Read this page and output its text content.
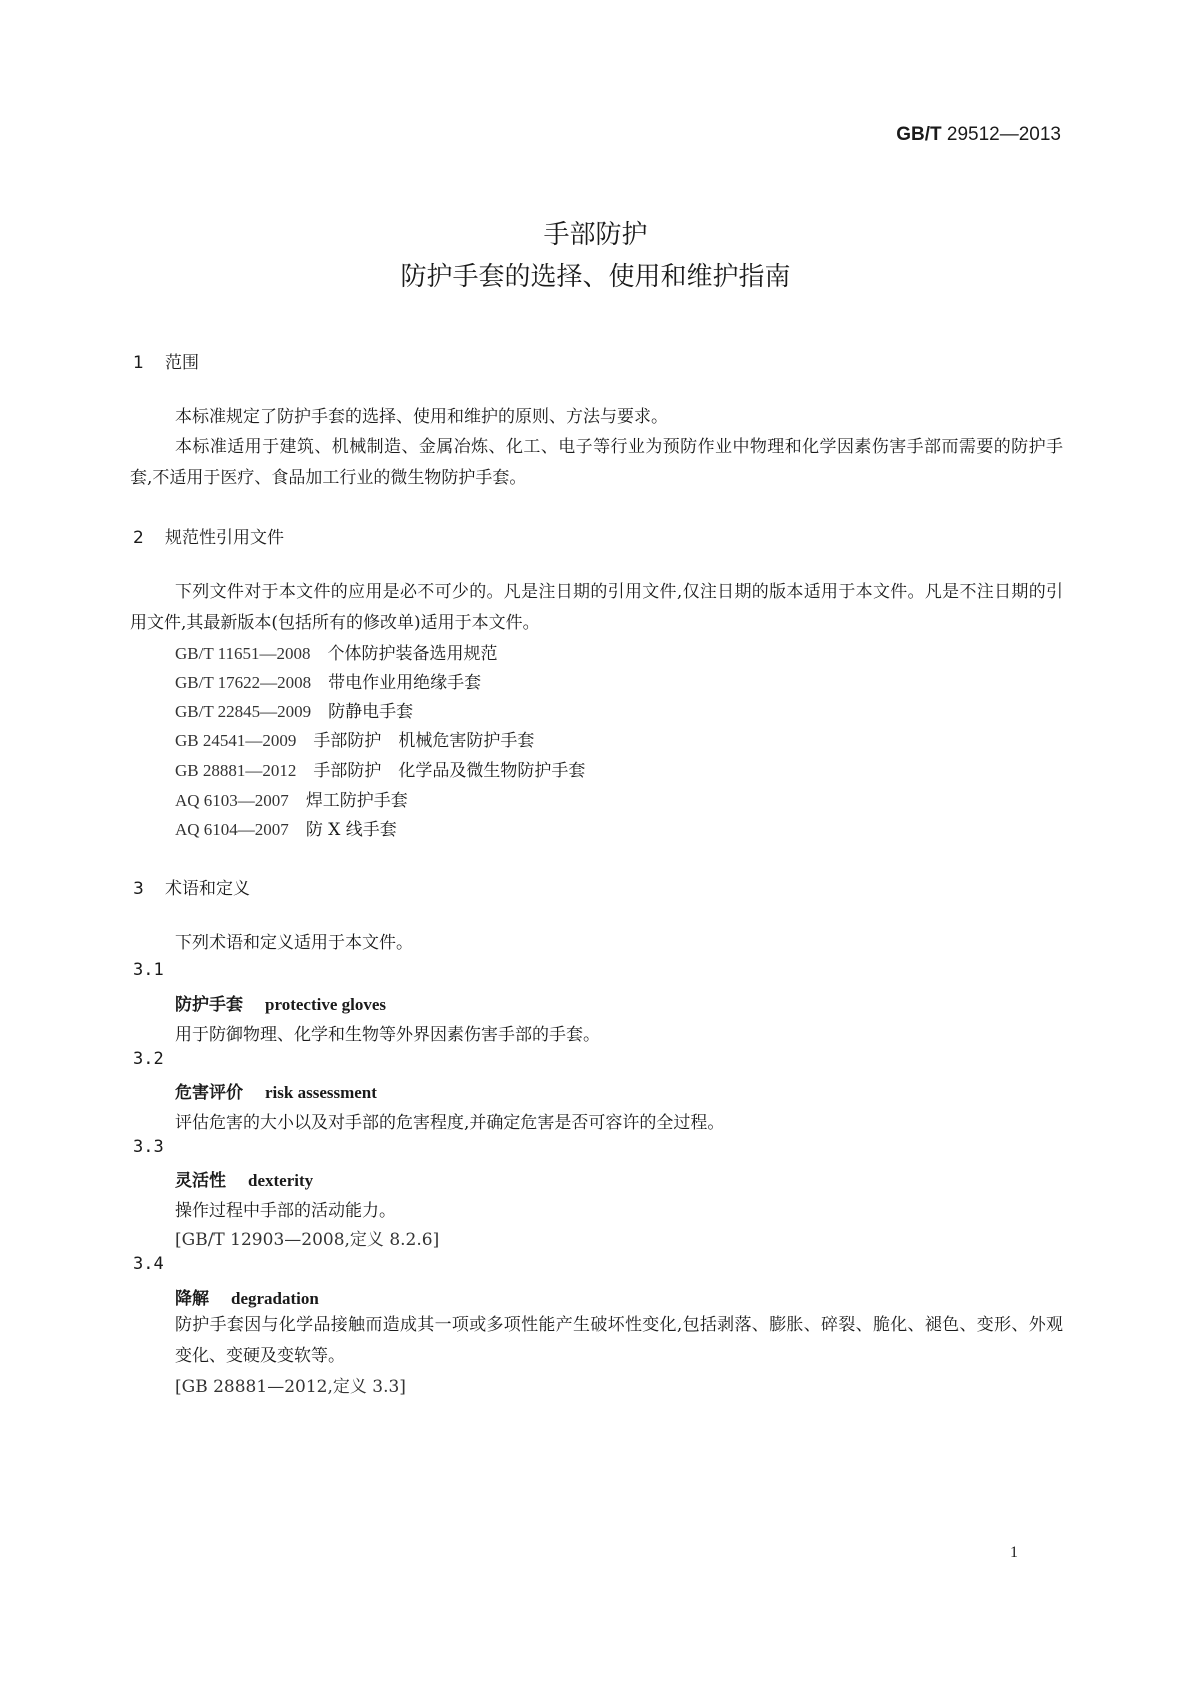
GB/T 29512—2013
手部防护
防护手套的选择、使用和维护指南
1 范围
本标准规定了防护手套的选择、使用和维护的原则、方法与要求。
本标准适用于建筑、机械制造、金属冶炼、化工、电子等行业为预防作业中物理和化学因素伤害手部而需要的防护手套,不适用于医疗、食品加工行业的微生物防护手套。
2 规范性引用文件
下列文件对于本文件的应用是必不可少的。凡是注日期的引用文件,仅注日期的版本适用于本文件。凡是不注日期的引用文件,其最新版本(包括所有的修改单)适用于本文件。
GB/T 11651—2008　 个体防护装备选用规范
GB/T 17622—2008　 带电作业用绝缘手套
GB/T 22845—2009　 防静电手套
GB 24541—2009　 手部防护　机械危害防护手套
GB 28881—2012　 手部防护　化学品及微生物防护手套
AQ 6103—2007　 焊工防护手套
AQ 6104—2007　 防 X 线手套
3 术语和定义
下列术语和定义适用于本文件。
3.1
防护手套 protective gloves
用于防御物理、化学和生物等外界因素伤害手部的手套。
3.2
危害评价 risk assessment
评估危害的大小以及对手部的危害程度,并确定危害是否可容许的全过程。
3.3
灵活性 dexterity
操作过程中手部的活动能力。
[GB/T 12903—2008,定义 8.2.6]
3.4
降解 degradation
防护手套因与化学品接触而造成其一项或多项性能产生破坏性变化,包括剥落、膨胀、碎裂、脆化、褪色、变形、外观变化、变硬及变软等。
[GB 28881—2012,定义 3.3]
1
